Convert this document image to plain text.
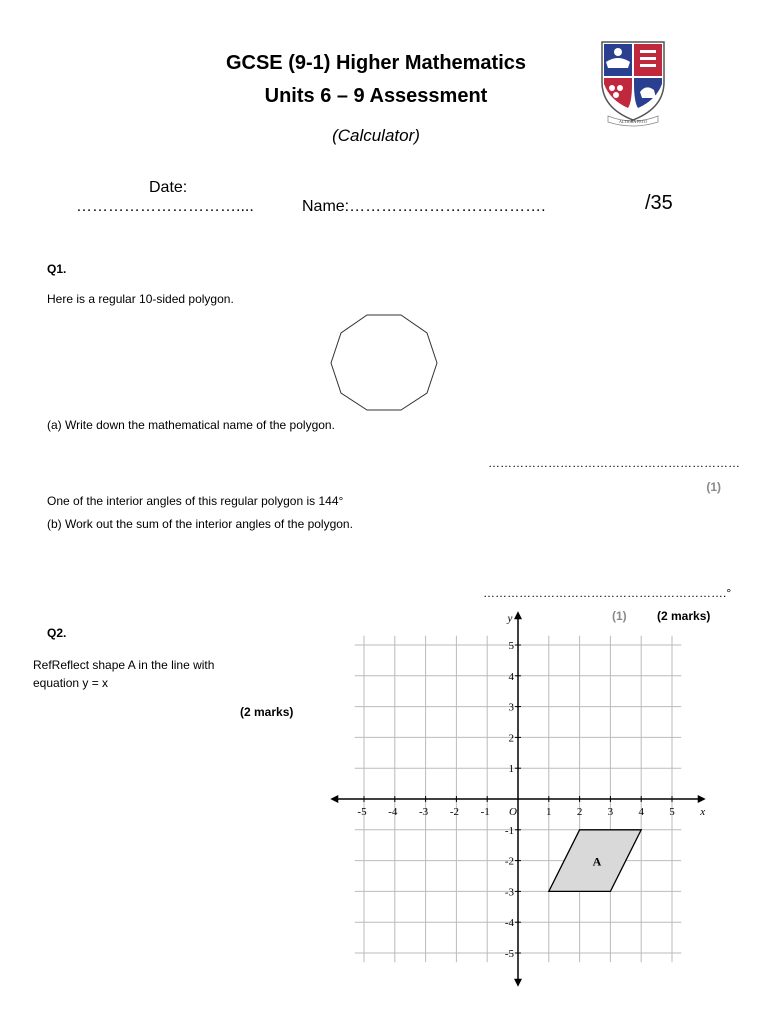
GCSE (9-1) Higher Mathematics
Units 6 – 9 Assessment
(Calculator)
ALTIORA PETO
Date:
…………………………....	Name:……………………………….	/35
Q1.
Here is a regular 10-sided polygon.
(a) Write down the mathematical name of the polygon.
………………………………………………………
(1)
One of the interior angles of this regular polygon is 144°
(b) Work out the sum of the interior angles of the polygon.
…………………………………………………….°
(1)	(2 marks)
Q2.
RefReflect shape A in the line with
equation y = x
(2 marks)
A
-5 -4 -3 -2 -1	1 2 3 4 5
5
4
3
2
1
-1
-2
-3
-4
-5
O	x
y
